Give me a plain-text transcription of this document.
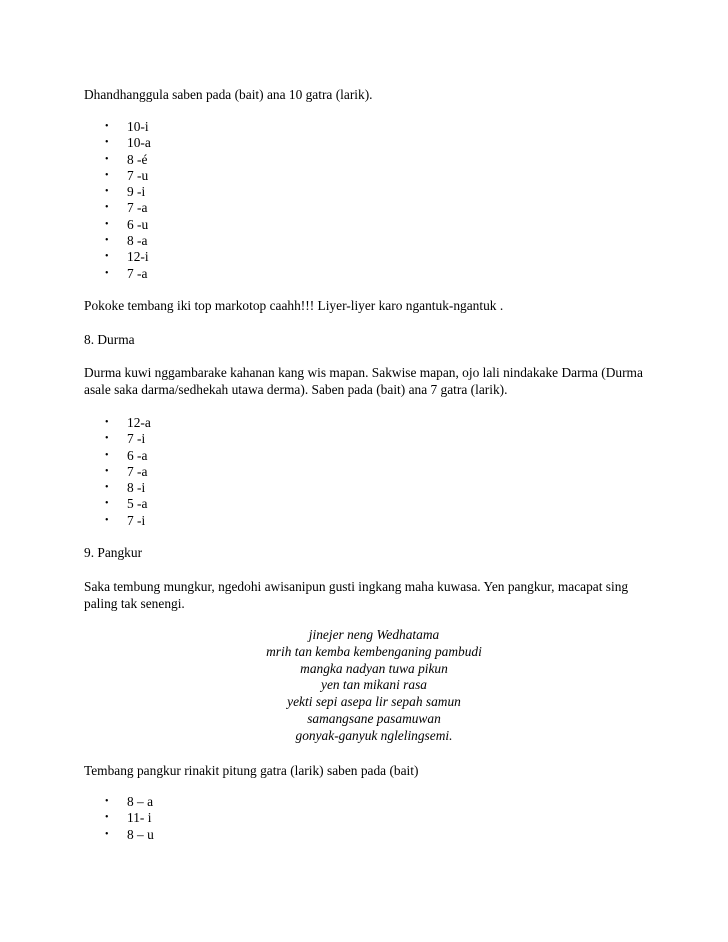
Dhandhanggula saben pada (bait) ana 10 gatra (larik).

• 10-i
• 10-a
• 8 -é
• 7 -u
• 9 -i
• 7 -a
• 6 -u
• 8 -a
• 12-i
• 7 -a

Pokoke tembang iki top markotop caahh!!! Liyer-liyer karo ngantuk-ngantuk .

8. Durma

Durma kuwi nggambarake kahanan kang wis mapan. Sakwise mapan, ojo lali nindakake Darma (Durma asale saka darma/sedhekah utawa derma). Saben pada (bait) ana 7 gatra (larik).

• 12-a
• 7 -i
• 6 -a
• 7 -a
• 8 -i
• 5 -a
• 7 -i

9. Pangkur

Saka tembung mungkur, ngedohi awisanipun gusti ingkang maha kuwasa. Yen pangkur, macapat sing paling tak senengi.

jinejer neng Wedhatama
mrih tan kemba kembenganing pambudi
mangka nadyan tuwa pikun
yen tan mikani rasa
yekti sepi asepa lir sepah samun
samangsane pasamuwan
gonyak-ganyuk nglelingsemi.

Tembang pangkur rinakit pitung gatra (larik) saben pada (bait)

• 8 – a
• 11- i
• 8 – u
